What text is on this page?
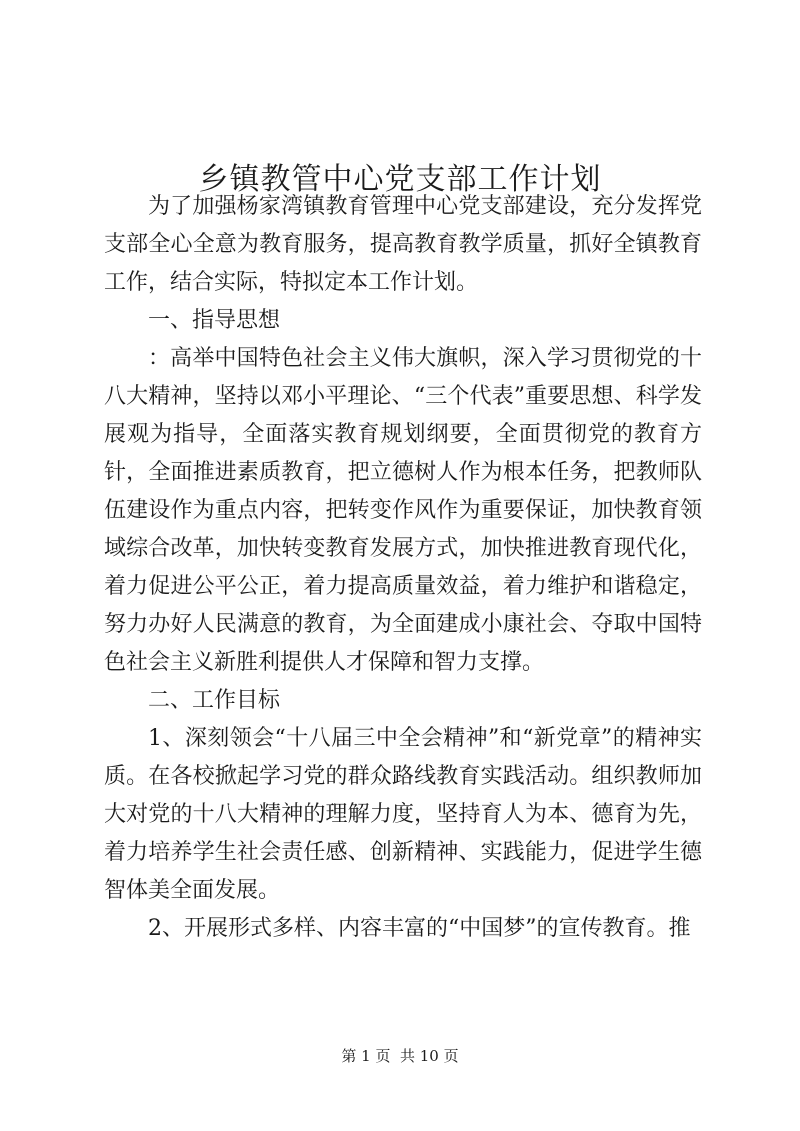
乡镇教管中心党支部工作计划

为了加强杨家湾镇教育管理中心党支部建设，充分发挥党支部全心全意为教育服务，提高教育教学质量，抓好全镇教育工作，结合实际，特拟定本工作计划。

一、指导思想

：高举中国特色社会主义伟大旗帜，深入学习贯彻党的十八大精神，坚持以邓小平理论、“三个代表”重要思想、科学发展观为指导，全面落实教育规划纲要，全面贯彻党的教育方针，全面推进素质教育，把立德树人作为根本任务，把教师队伍建设作为重点内容，把转变作风作为重要保证，加快教育领域综合改革，加快转变教育发展方式，加快推进教育现代化，着力促进公平公正，着力提高质量效益，着力维护和谐稳定，努力办好人民满意的教育，为全面建成小康社会、夺取中国特色社会主义新胜利提供人才保障和智力支撑。

二、工作目标

1、深刻领会“十八届三中全会精神”和“新党章”的精神实质。在各校掀起学习党的群众路线教育实践活动。组织教师加大对党的十八大精神的理解力度，坚持育人为本、德育为先，着力培养学生社会责任感、创新精神、实践能力，促进学生德智体美全面发展。

2、开展形式多样、内容丰富的“中国梦”的宣传教育。推

第 1 页  共 10 页
